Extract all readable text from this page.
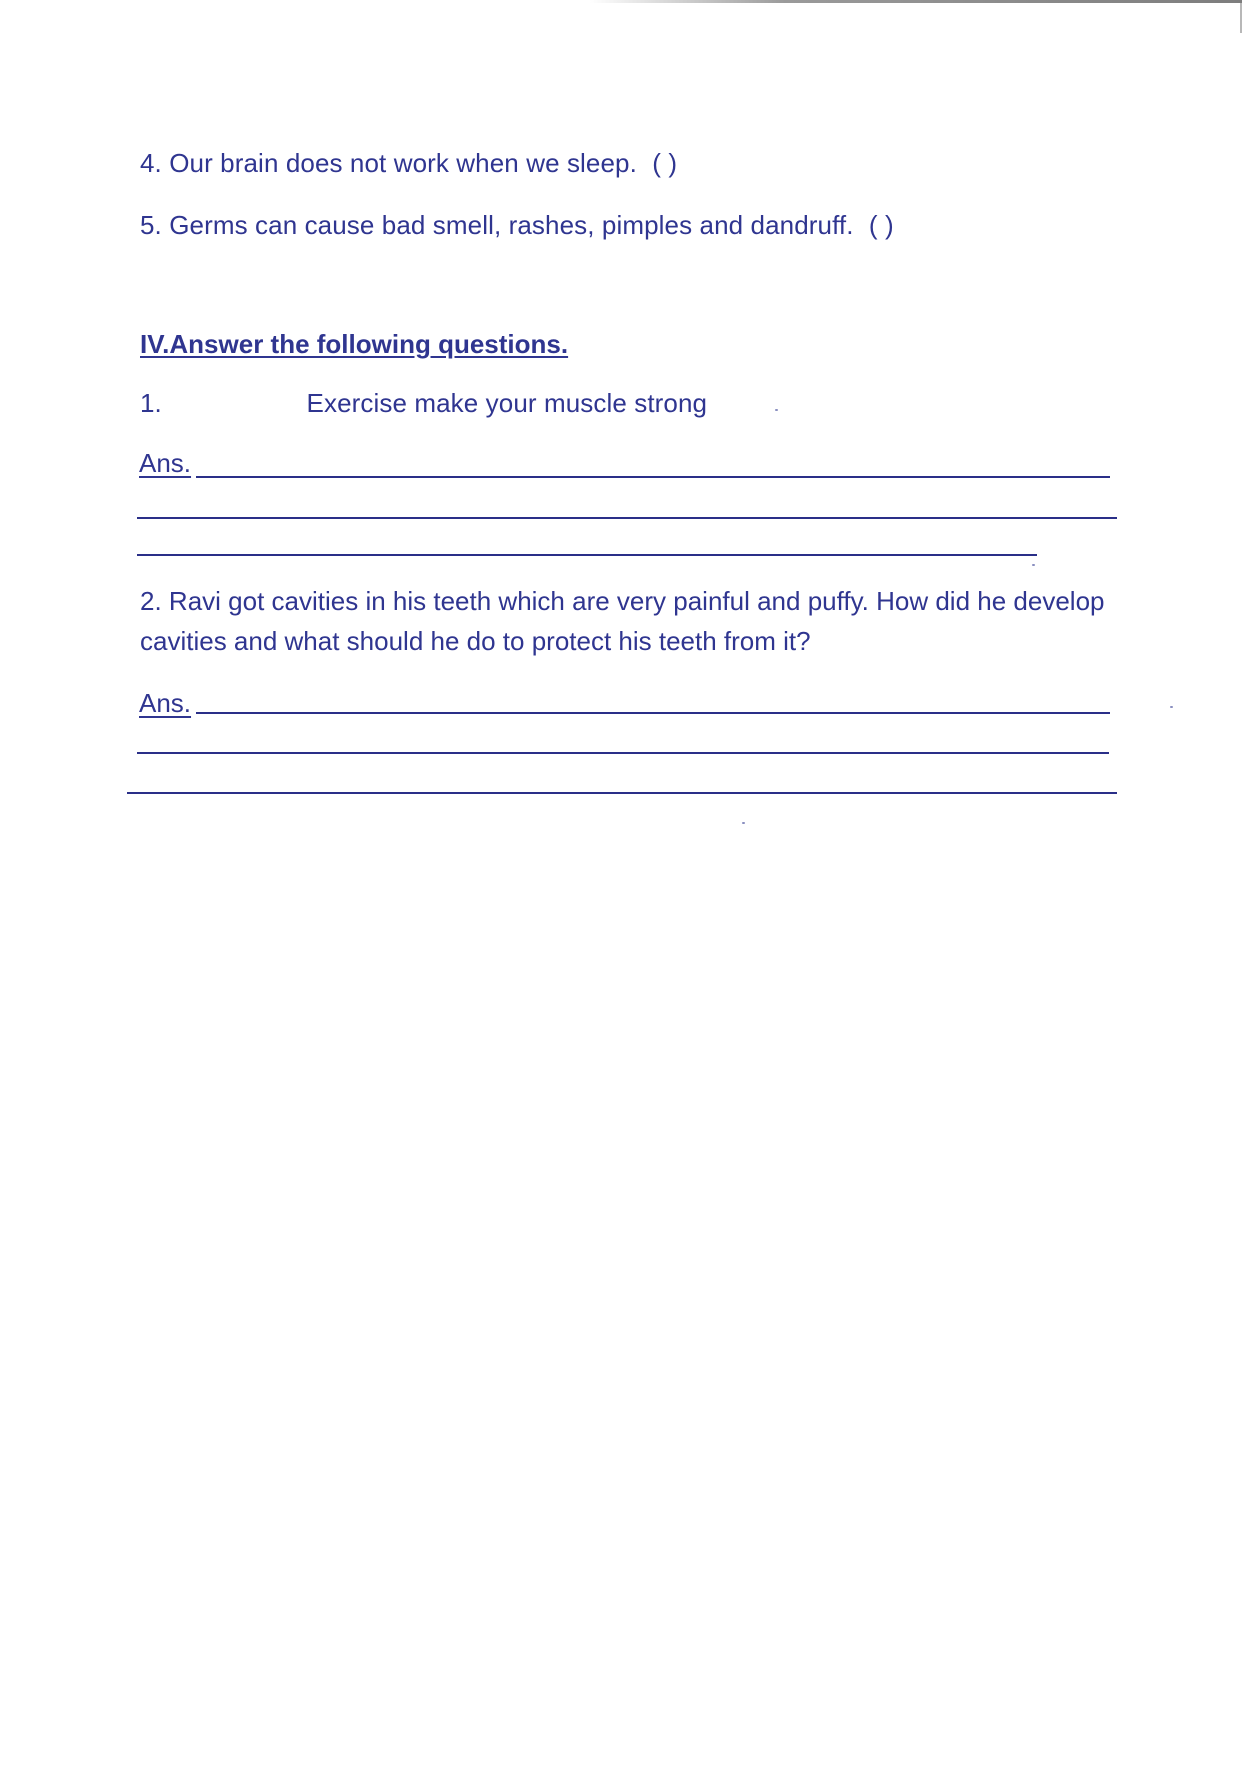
4. Our brain does not work when we sleep. ( )
5. Germs can cause bad smell, rashes, pimples and dandruff. ( )
IV.Answer the following questions.
1.	Exercise make your muscle strong
Ans.
2. Ravi got cavities in his teeth which are very painful and puffy. How did he develop cavities and what should he do to protect his teeth from it?
Ans.
